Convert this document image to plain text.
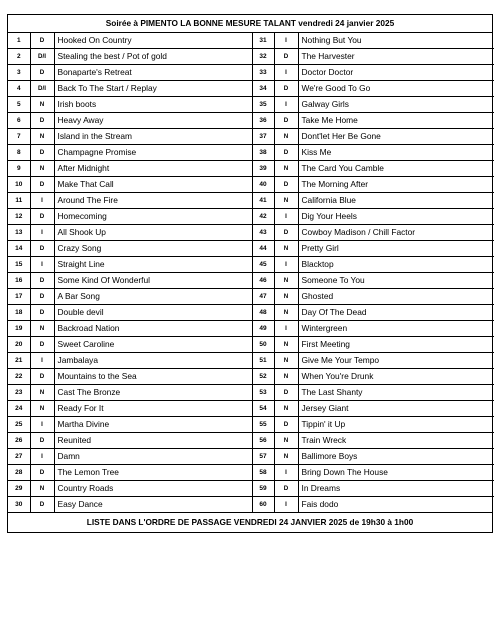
Soirée à PIMENTO LA BONNE MESURE TALANT vendredi 24 janvier 2025
1	D	Hooked On Country	31	I	Nothing But You
2	D/I	Stealing the best / Pot of gold	32	D	The Harvester
3	D	Bonaparte's Retreat	33	I	Doctor Doctor
4	D/I	Back To The Start / Replay	34	D	We're Good To Go
5	N	Irish boots	35	I	Galway Girls
6	D	Heavy Away	36	D	Take Me Home
7	N	Island in the Stream	37	N	Dont'let Her Be Gone
8	D	Champagne Promise	38	D	Kiss Me
9	N	After Midnight	39	N	The Card You Camble
10	D	Make That Call	40	D	The Morning After
11	I	Around The Fire	41	N	California Blue
12	D	Homecoming	42	I	Dig Your Heels
13	I	All Shook Up	43	D	Cowboy Madison / Chill Factor
14	D	Crazy Song	44	N	Pretty Girl
15	I	Straight Line	45	I	Blacktop
16	D	Some Kind Of Wonderful	46	N	Someone To You
17	D	A Bar Song	47	N	Ghosted
18	D	Double devil	48	N	Day Of The Dead
19	N	Backroad Nation	49	I	Wintergreen
20	D	Sweet Caroline	50	N	First Meeting
21	I	Jambalaya	51	N	Give Me Your Tempo
22	D	Mountains to the Sea	52	N	When You're Drunk
23	N	Cast The Bronze	53	D	The Last Shanty
24	N	Ready For It	54	N	Jersey Giant
25	I	Martha Divine	55	D	Tippin' it Up
26	D	Reunited	56	N	Train Wreck
27	I	Damn	57	N	Ballimore Boys
28	D	The Lemon Tree	58	I	Bring Down The House
29	N	Country Roads	59	D	In Dreams
30	D	Easy Dance	60	I	Fais dodo
LISTE DANS L'ORDRE DE PASSAGE VENDREDI 24 JANVIER 2025 de 19h30 à 1h00
